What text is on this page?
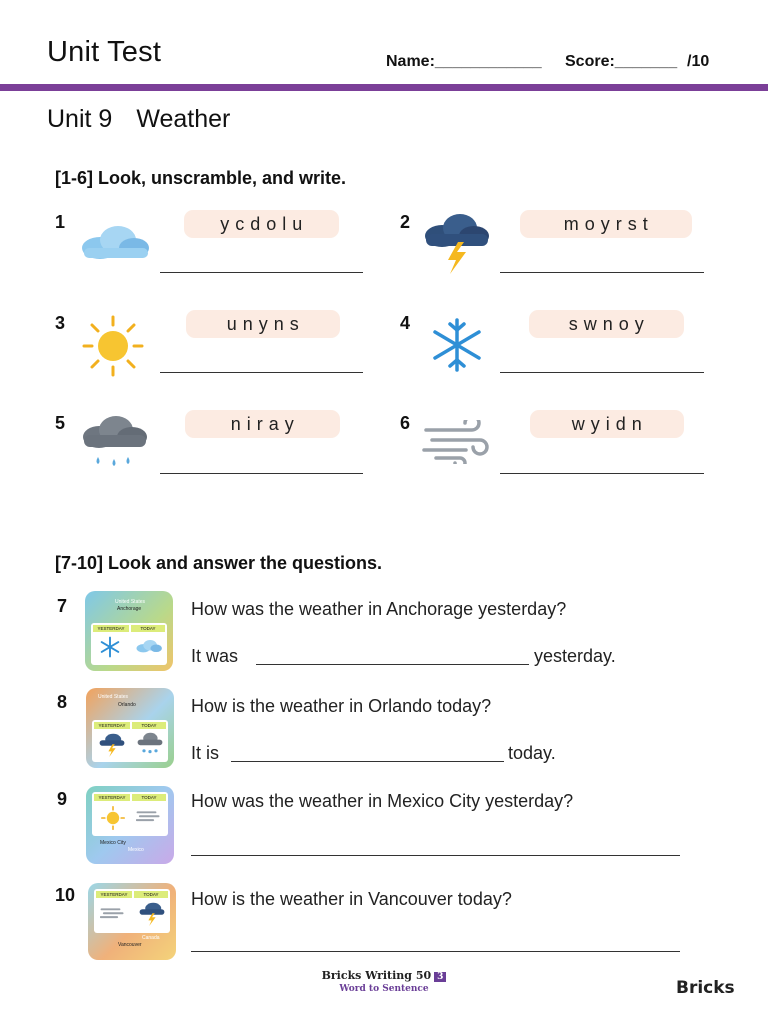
Unit Test	Name:____________ Score:_______ /10
Unit 9 Weather
[1-6] Look, unscramble, and write.
1	y c d o l u	2	m o y r s t
3	u n y n s	4	s w n o y
5	n i r a y	6	w y i d n
[7-10] Look and answer the questions.
7	United States
Anchorage
YESTERDAY	TODAY
How was the weather in Anchorage yesterday?
It was	yesterday.
8	United States
Orlando
YESTERDAY	TODAY
How is the weather in Orlando today?
It is	today.
9	YESTERDAY	TODAY
Mexico City
Mexico
How was the weather in Mexico City yesterday?
10	YESTERDAY	TODAY
Canada
Vancouver
How is the weather in Vancouver today?
Bricks Writing 50 3
Word to Sentence	Bricks
